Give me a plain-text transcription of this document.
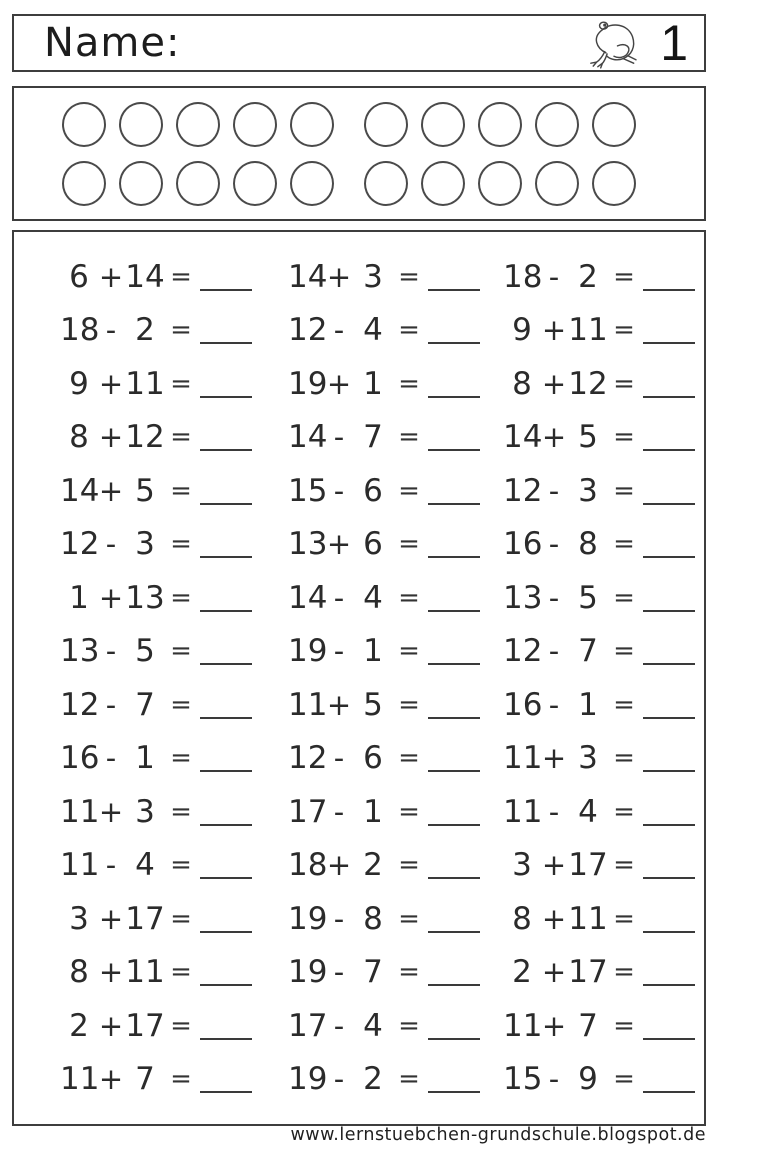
Name:	1
6 + 14 =
18 - 2 =
9 + 11 =
8 + 12 =
14 + 5 =
12 - 3 =
1 + 13 =
13 - 5 =
12 - 7 =
16 - 1 =
11 + 3 =
11 - 4 =
3 + 17 =
8 + 11 =
2 + 17 =
11 + 7 =
14 + 3 =
12 - 4 =
19 + 1 =
14 - 7 =
15 - 6 =
13 + 6 =
14 - 4 =
19 - 1 =
11 + 5 =
12 - 6 =
17 - 1 =
18 + 2 =
19 - 8 =
19 - 7 =
17 - 4 =
19 - 2 =
18 - 2 =
9 + 11 =
8 + 12 =
14 + 5 =
12 - 3 =
16 - 8 =
13 - 5 =
12 - 7 =
16 - 1 =
11 + 3 =
11 - 4 =
3 + 17 =
8 + 11 =
2 + 17 =
11 + 7 =
15 - 9 =
www.lernstuebchen-grundschule.blogspot.de
